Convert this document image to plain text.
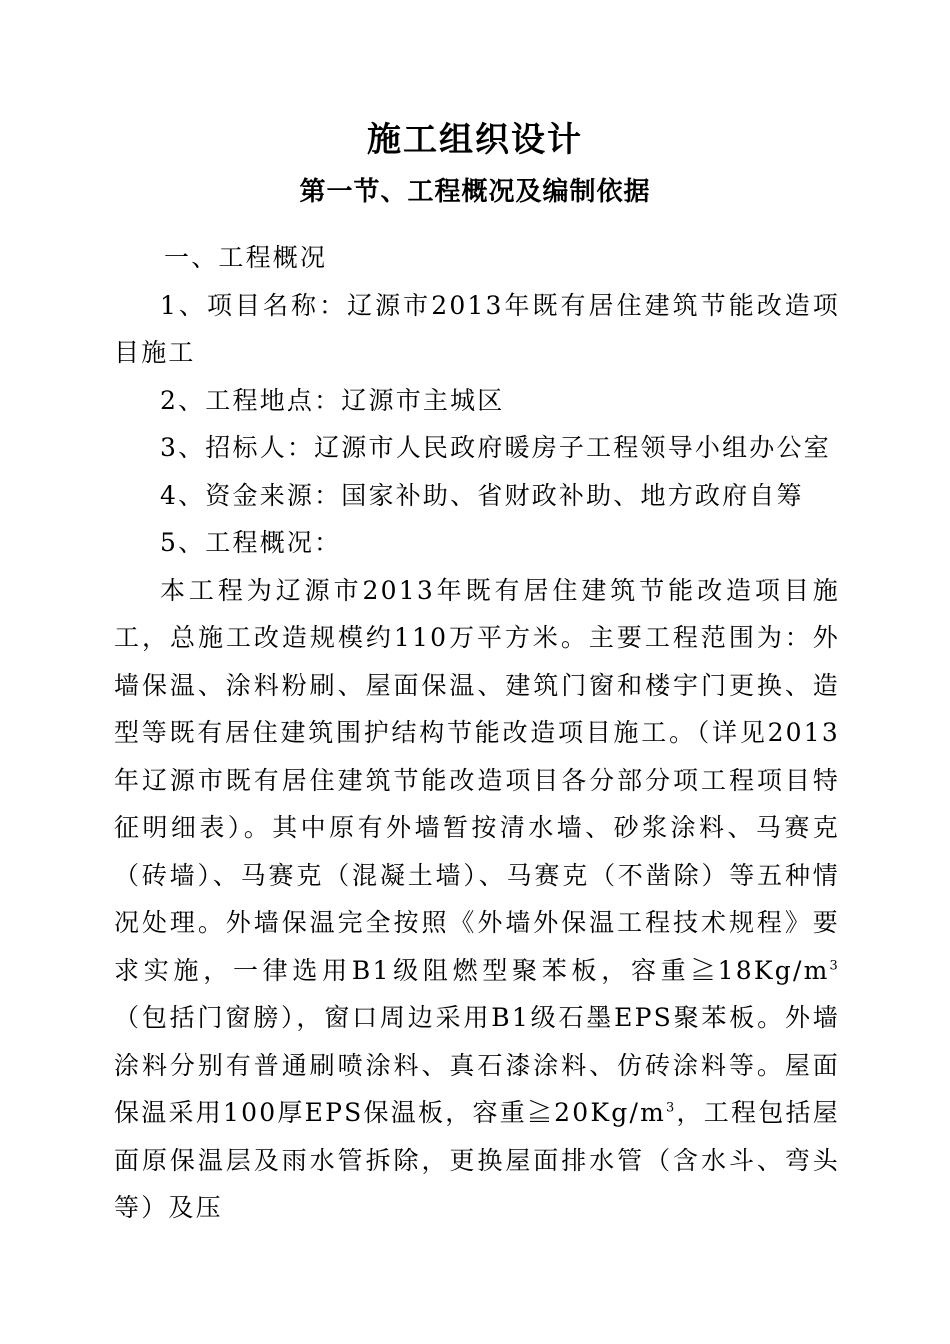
施工组织设计
第一节、工程概况及编制依据

一、工程概况

1、项目名称：辽源市2013年既有居住建筑节能改造项目施工

2、工程地点：辽源市主城区

3、招标人：辽源市人民政府暖房子工程领导小组办公室

4、资金来源：国家补助、省财政补助、地方政府自筹

5、工程概况：

本工程为辽源市2013年既有居住建筑节能改造项目施工，总施工改造规模约110万平方米。主要工程范围为：外墙保温、涂料粉刷、屋面保温、建筑门窗和楼宇门更换、造型等既有居住建筑围护结构节能改造项目施工。（详见2013年辽源市既有居住建筑节能改造项目各分部分项工程项目特征明细表）。其中原有外墙暂按清水墙、砂浆涂料、马赛克（砖墙）、马赛克（混凝土墙）、马赛克（不凿除）等五种情况处理。外墙保温完全按照《外墙外保温工程技术规程》要求实施，一律选用B1级阻燃型聚苯板，容重$≧18Kg/m^3$（包括门窗膀），窗口周边采用B1级石墨EPS聚苯板。外墙涂料分别有普通刷喷涂料、真石漆涂料、仿砖涂料等。屋面保温采用100厚EPS保温板，容重$≧20Kg/m^3$，工程包括屋面原保温层及雨水管拆除，更换屋面排水管（含水斗、弯头等）及压
